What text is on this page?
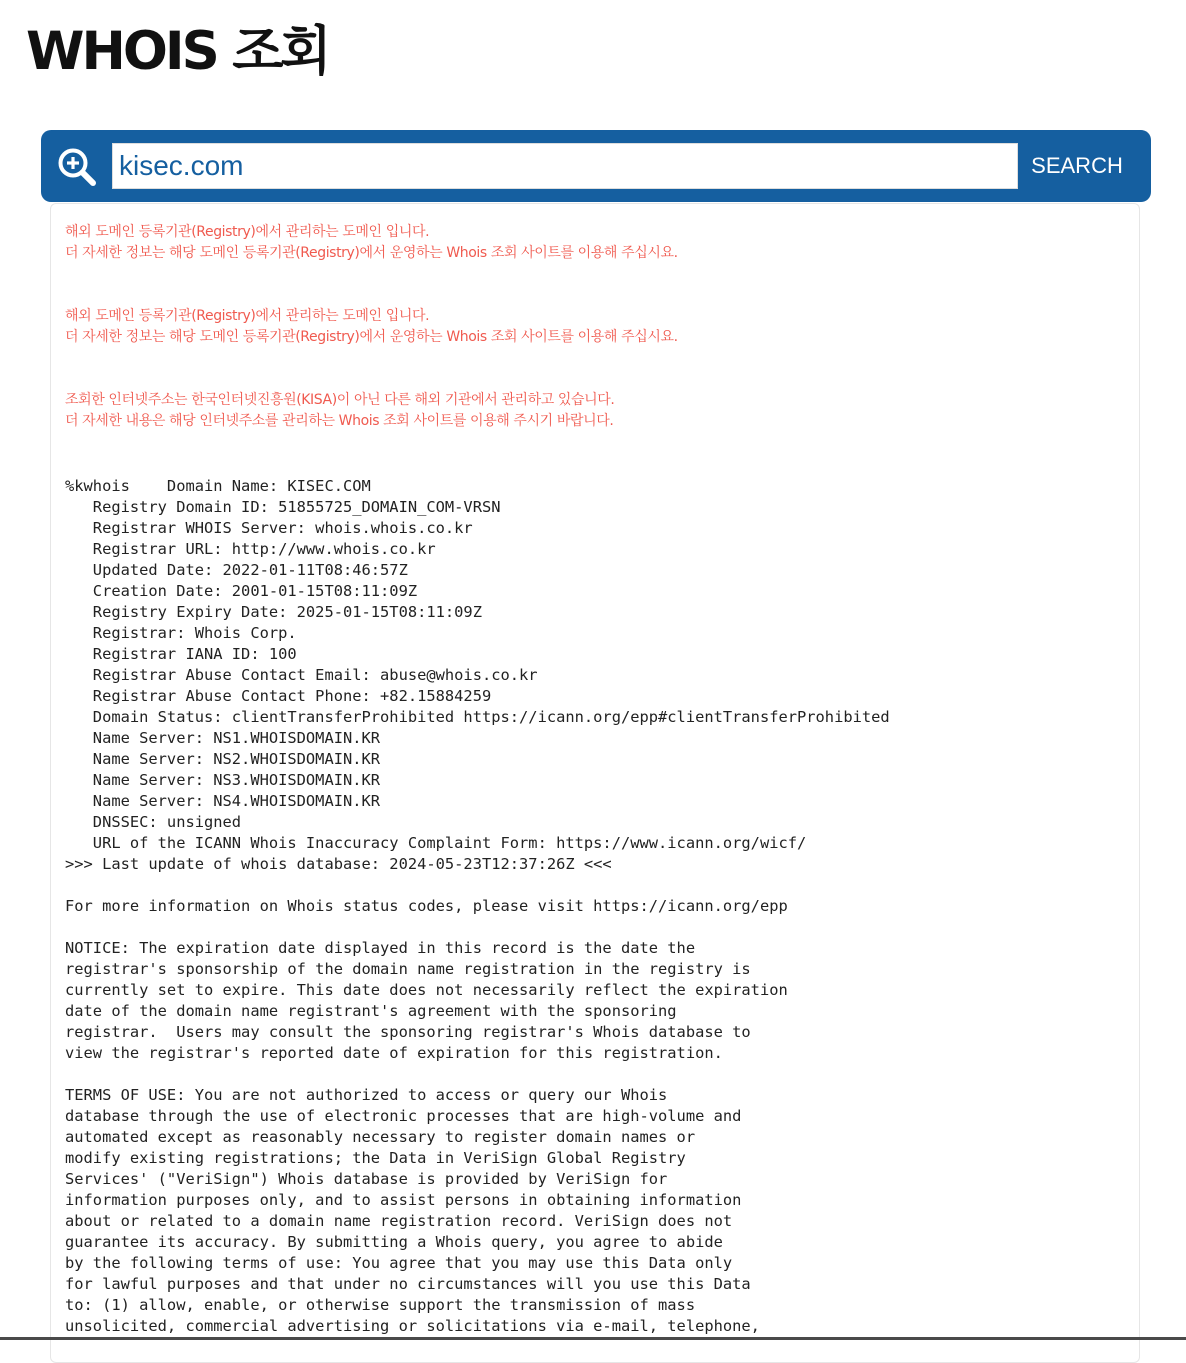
WHOIS 조회
kisec.com
SEARCH
해외 도메인 등록기관(Registry)에서 관리하는 도메인 입니다.
더 자세한 정보는 해당 도메인 등록기관(Registry)에서 운영하는 Whois 조회 사이트를 이용해 주십시요.
해외 도메인 등록기관(Registry)에서 관리하는 도메인 입니다.
더 자세한 정보는 해당 도메인 등록기관(Registry)에서 운영하는 Whois 조회 사이트를 이용해 주십시요.
조회한 인터넷주소는 한국인터넷진흥원(KISA)이 아닌 다른 해외 기관에서 관리하고 있습니다.
더 자세한 내용은 해당 인터넷주소를 관리하는 Whois 조회 사이트를 이용해 주시기 바랍니다.
%kwhois    Domain Name: KISEC.COM
Registry Domain ID: 51855725_DOMAIN_COM-VRSN
Registrar WHOIS Server: whois.whois.co.kr
Registrar URL: http://www.whois.co.kr
Updated Date: 2022-01-11T08:46:57Z
Creation Date: 2001-01-15T08:11:09Z
Registry Expiry Date: 2025-01-15T08:11:09Z
Registrar: Whois Corp.
Registrar IANA ID: 100
Registrar Abuse Contact Email: abuse@whois.co.kr
Registrar Abuse Contact Phone: +82.15884259
Domain Status: clientTransferProhibited https://icann.org/epp#clientTransferProhibited
Name Server: NS1.WHOISDOMAIN.KR
Name Server: NS2.WHOISDOMAIN.KR
Name Server: NS3.WHOISDOMAIN.KR
Name Server: NS4.WHOISDOMAIN.KR
DNSSEC: unsigned
URL of the ICANN Whois Inaccuracy Complaint Form: https://www.icann.org/wicf/
>>> Last update of whois database: 2024-05-23T12:37:26Z <<<

For more information on Whois status codes, please visit https://icann.org/epp

NOTICE: The expiration date displayed in this record is the date the
registrar's sponsorship of the domain name registration in the registry is
currently set to expire. This date does not necessarily reflect the expiration
date of the domain name registrant's agreement with the sponsoring
registrar.  Users may consult the sponsoring registrar's Whois database to
view the registrar's reported date of expiration for this registration.

TERMS OF USE: You are not authorized to access or query our Whois
database through the use of electronic processes that are high-volume and
automated except as reasonably necessary to register domain names or
modify existing registrations; the Data in VeriSign Global Registry
Services' ("VeriSign") Whois database is provided by VeriSign for
information purposes only, and to assist persons in obtaining information
about or related to a domain name registration record. VeriSign does not
guarantee its accuracy. By submitting a Whois query, you agree to abide
by the following terms of use: You agree that you may use this Data only
for lawful purposes and that under no circumstances will you use this Data
to: (1) allow, enable, or otherwise support the transmission of mass
unsolicited, commercial advertising or solicitations via e-mail, telephone,
